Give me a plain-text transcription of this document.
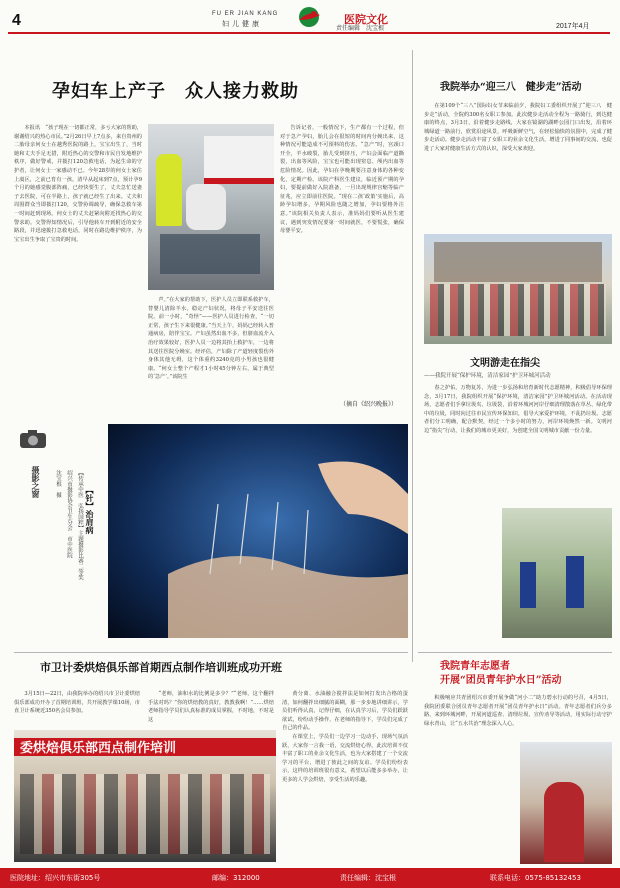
4	FU ER JIAN KANG
妇儿健康	医院文化
责任编辑　沈宝根	2017年4月
孕妇车上产子　众人接力救助

本报讯　“孩子现在一切都正常，多亏大家的帮助，谢谢绍兴的热心市民。”2月26日早上7点多，来自贵州的二胎母亲何女士在越秀医院的路上，宝宝出生了，当时她和丈夫手足无措，附近热心的交警和市民自发地维护秩序，做好警戒，并拨打120急救电话，为起生命的守护者，让何女士一家感动不已。今年28岁的何女士家住上虞区，之前已育有一孩。清早从起床到7点，预计孕9个月的她感觉腹部阵痛，已经快要生了，丈夫急忙送妻子去医院，可在半路上，孩子就已经生了出来。丈夫和周围群众当即拨打120，交警协调疏导，确保急救车第一时间赶到现场。何女士的丈夫赶紧向附近找热心的交警求助。交警得知情况后，引导他转车开到附近的安全路段，并迅速拨打急救电话，同时在路边维护秩序，为宝宝出生争取了宝贵的时间。

声。”在大家的帮助下，医护人员立即联系救护车，替婴儿清除羊水，稳定产妇状况，将母子平安送往医院。前一小时，“奇怪”——医护人员进行检查，“一切正常，孩子生下来很健康。”当天上午，妈妈已经转入普通病房，陪伴宝宝。产妇虽然出血不多，但脐血流介入治疗效果较好，医护人员一边将其抬上救护车，一边将其送往医院分娩室。经评估，产妇除了产道轻度裂伤外身体其他无碍，这个体重约3240克的小男孩也很健康。“何女士整个产程才1小时45分钟左右，属于典型的‘急产’。”该院生

告诉记者，一般情况下，生产都有一个过程，但对于急产孕妇，胎儿会在很短的时间内分娩出来，这种情况可能造成不可预料的伤害。“急产”时，宫颈口开全，羊水破裂，胎儿受到挤压，产妇会面临产道撕裂，出血等风险，宝宝也可能出现窒息、颅内出血等危险情况。因此，孕妇在孕晚期要注意身体的各种变化，定期产检。该院产科医生建议，临近预产期的孕妇，要提前做好入院准备，一旦出现规律宫缩等临产征兆，应立即前往医院。“现在二孩‘政策’实施后，高龄孕妇增多，孕期风险也随之增加，孕妇要格外注意。”该院相关负责人表示，准妈妈们要听从医生建议，遇到突发情况要第一时间就医，不要慌张，确保母婴平安。

（摘自《绍兴晚报》）
摄影之窗	【传承中医　弘扬国粹】主题摄影比赛二等奖
绍兴市摄影协会卫生分会　市中医院
沈宝根　摄
【针】治肩病
市卫计委烘焙俱乐部首期西点制作培训班成功开班

3月15日—22日，由我院举办的绍兴市卫计委烘焙俱乐部成功开办了首期培训班，共开展教学课10场，市直卫计系统近350名会员参加。

“老师，油和水的比例是多少？”“老师，这个翻拌手法对吗？”你的烘焙教的真好，教教我啊！”……烘焙老师指导学员们认真标准的成员掌握，不时地，不时是这

黄分离、水油融合搅拌法是如何打发出合格的蛋清，如何翻拌出细腻的面糊，那一步步地讲细讲示，学员们听得认真，记得仔细，在认真学习后，学员们跃跃欲试，纷纷动手操作，在老师的指导下，学员们完成了自己的作品。

在课堂上，学员们一边学习一边动手，现场气氛活跃，大家你一言我一语，交流烘焙心得。此次培训不仅丰富了职工的业余文化生活，也为大家搭建了一个交流学习的平台，增进了彼此之间的友谊。学员们纷纷表示，这样的培训班很有意义，希望以后能多多举办，让更多的人学会烘焙，享受生活的乐趣。

委烘焙俱乐部西点制作培训
我院举办“迎三八　健步走”活动

在第109个“三八”国际妇女节来临前夕，我院妇工委组织开展了“迎三八　健步走”活动，全院约300名女职工参加。此次健步走活动全程为一路骑行，到达健康的终点，3月3日，沿着健步走路线，大家在镜湖的湖畔公园门口出发，沿着环城绿道一路前行，欣赏沿途风景，呼吸新鲜空气，在轻松愉快的氛围中，完成了健步走活动。健步走活动丰富了女职工的业余文化生活，增进了同事间的交流，也促进了大家对健康生活方式的认识，深受大家欢迎。

文明游走在指尖
——我院开展“保护环境，清洁家园”护卫环城河活动

春之护佑，万物复苏，为进一步弘扬和培育新时代志愿精神，积极倡导环保理念，3月17日，我院组织开展“保护环境，清洁家园”护卫环城河活动。在活动现场，志愿者们手拿垃圾夹、垃圾袋，沿着环城河河岸仔细清理散落在草丛、绿化带中的垃圾，同时向过往市民宣传环保知识，倡导大家爱护环境，不乱扔垃圾。志愿者们分工明确，配合默契，经过一个多小时的努力，河岸环境焕然一新。文明河边“指尖”行动，让我们的城市更美好，为创建全国文明城市贡献一份力量。

我院青年志愿者
开展“团员青年护水日”活动

积极响应共青团绍兴市委开展争做“河小二”助力碧水行动的号召，4月5日，我院团委联合团员青年志愿者开展“团员青年护水日”活动。青年志愿者们兵分多路，来到环城河畔，开展河道巡查、清理垃圾、宣传劝导等活动，用实际行动守护绿水青山，让“五水共治”理念深入人心。

医院地址：绍兴市东街305号	邮编：312000	责任编辑：沈宝根	联系电话：0575-85132453
